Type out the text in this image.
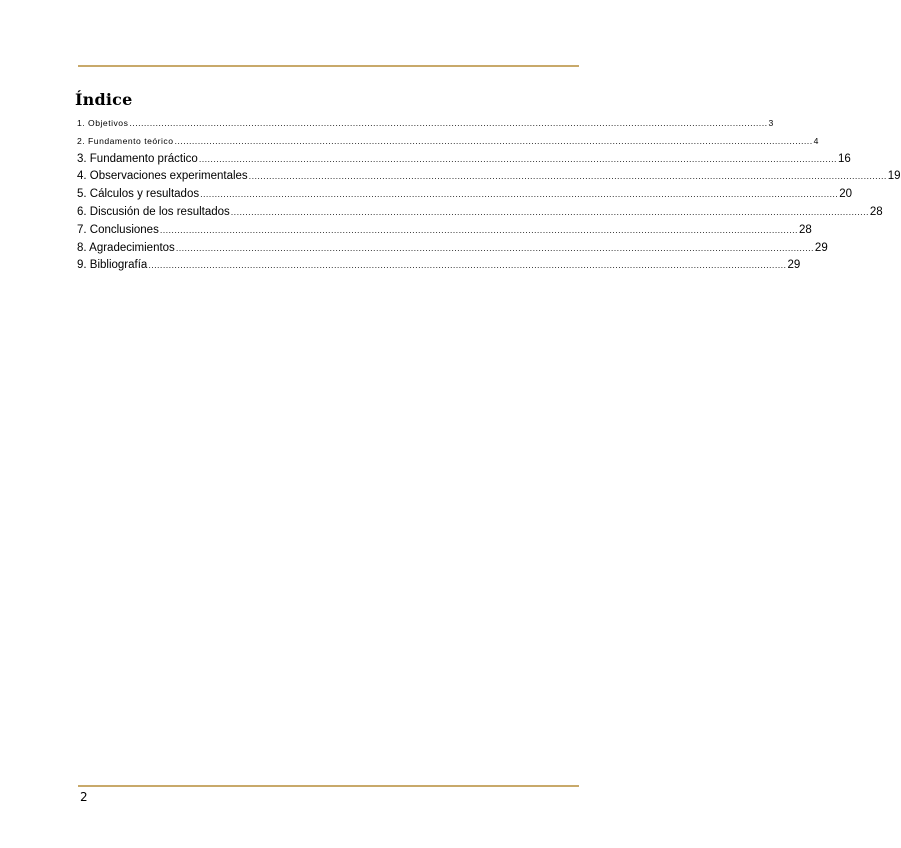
Índice
1. Objetivos ............................................................................................................................................................................................................................ 3
2. Fundamento teórico ............................................................................................................................................................................................................................ 4
3. Fundamento práctico ............................................................................................................................................................................................................................ 16
4. Observaciones experimentales ............................................................................................................................................................................................................................ 19
5. Cálculos y resultados ............................................................................................................................................................................................................................ 20
6. Discusión de los resultados ............................................................................................................................................................................................................................ 28
7. Conclusiones ............................................................................................................................................................................................................................ 28
8. Agradecimientos ............................................................................................................................................................................................................................ 29
9. Bibliografía ............................................................................................................................................................................................................................ 29
2
